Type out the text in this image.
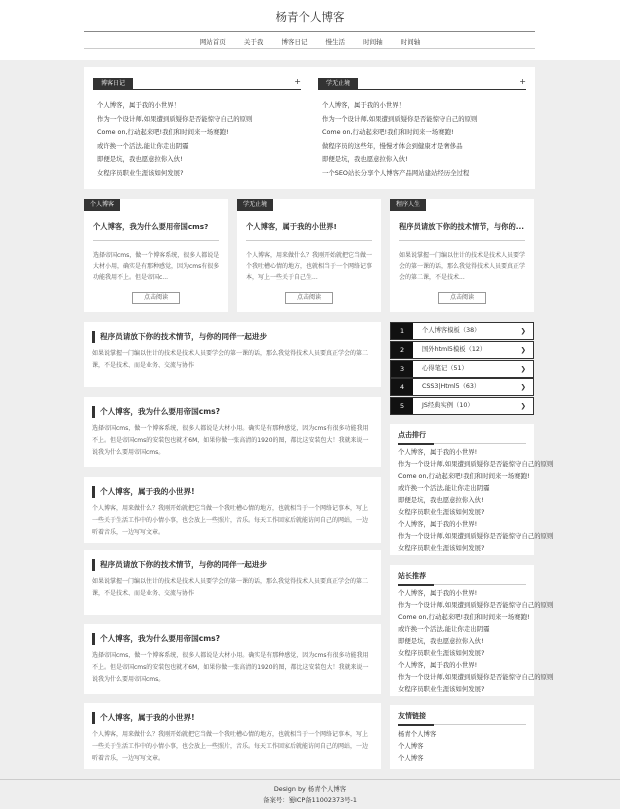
杨青个人博客
网站首页	关于我	博客日记	慢生活	时间轴	时间轴
博客日记	+
个人博客，属于我的小世界！
作为一个设计师,如果遭到质疑你是否能惊守自己的原则
Come on,行动起来吧!我们和时间来一场赛跑!
或许换一个活法,能让你走出阴霾
即便是坑，我也愿意拉你入伙!
女程序员职业生涯该如何发展?
学无止境	+
个人博客，属于我的小世界！
作为一个设计师,如果遭到质疑你是否能惊守自己的原则
Come on,行动起来吧!我们和时间来一场赛跑!
做程序员的这些年，慢慢才体会到健康才是奢侈品
即便是坑，我也愿意拉你入伙!
一个SEO站长分享个人博客产品网站建站经历全过程
个人博客
个人博客，我为什么要用帝国cms?
选择帝国cms，做一个博客系统，很多人都说是大材小用，确实是有那种感觉，因为cms有很多功能我用不上。但是帝国c...
点击阅读
学无止境
个人博客，属于我的小世界!
个人博客，用来做什么？我刚开始就把它当做一个我吐槽心情的地方，也就相当于一个网络记事本，写上一些关于自己生...
点击阅读
程序人生
程序员请放下你的技术情节，与你的...
如果说掌握一门编以住计的技术是技术人员要学会的第一课的话，那么我觉得技术人员要真正学会的第二课，不是技术...
点击阅读
程序员请放下你的技术情节，与你的同伴一起进步
如果说掌握一门编以住计的技术是技术人员要学会的第一课的话，那么我觉得技术人员要真正学会的第二课，不是技术、而是业务、交流与协作
个人博客，我为什么要用帝国cms?
选择帝国cms，做一个博客系统，很多人都说是大材小用。确实是有那种感觉，因为cms有很多功能我用不上。但是帝国cms的安装包也就才6M，如果你做一张高清的1920的图，都比这安装包大！我就来说一说我为什么要用帝国cms。
个人博客，属于我的小世界!
个人博客，用来做什么？我刚开始就把它当做一个我吐槽心情的地方，也就相当于一个网络记事本，写上一些关于生活工作中的小情小事，也会放上一些照片，音乐。每天工作回家后就能访问自己的网站，一边听着音乐，一边写写文章。
程序员请放下你的技术情节，与你的同伴一起进步
如果说掌握一门编以住计的技术是技术人员要学会的第一课的话，那么我觉得技术人员要真正学会的第二课，不是技术、而是业务、交流与协作
个人博客，我为什么要用帝国cms?
选择帝国cms，做一个博客系统，很多人都说是大材小用。确实是有那种感觉，因为cms有很多功能我用不上。但是帝国cms的安装包也就才6M，如果你做一张高清的1920的图，都比这安装包大！我就来说一说我为什么要用帝国cms。
个人博客，属于我的小世界!
个人博客，用来做什么？我刚开始就把它当做一个我吐槽心情的地方，也就相当于一个网络记事本，写上一些关于生活工作中的小情小事，也会放上一些照片，音乐。每天工作回家后就能访问自己的网站，一边听着音乐，一边写写文章。
1	个人博客模板（38）	❯
2	国外html5模板（12）	❯
3	心得笔记（51）	❯
4	CSS3|Html5（63）	❯
5	JS经典实例（10）	❯
点击排行
个人博客，属于我的小世界!
作为一个设计师,如果遭到质疑你是否能惊守自己的原则
Come on,行动起来吧!我们和时间来一场赛跑!
或许换一个活法,能让你走出阴霾
即便是坑，我也愿意拉你入伙!
女程序员职业生涯该如何发展?
个人博客，属于我的小世界!
作为一个设计师,如果遭到质疑你是否能惊守自己的原则
女程序员职业生涯该如何发展?
站长推荐
个人博客，属于我的小世界!
作为一个设计师,如果遭到质疑你是否能惊守自己的原则
Come on,行动起来吧!我们和时间来一场赛跑!
或许换一个活法,能让你走出阴霾
即便是坑，我也愿意拉你入伙!
女程序员职业生涯该如何发展?
个人博客，属于我的小世界!
作为一个设计师,如果遭到质疑你是否能惊守自己的原则
女程序员职业生涯该如何发展?
友情链接
杨青个人博客
个人博客
个人博客
Design by 杨青个人博客
备案号：蜀ICP备11002373号-1
